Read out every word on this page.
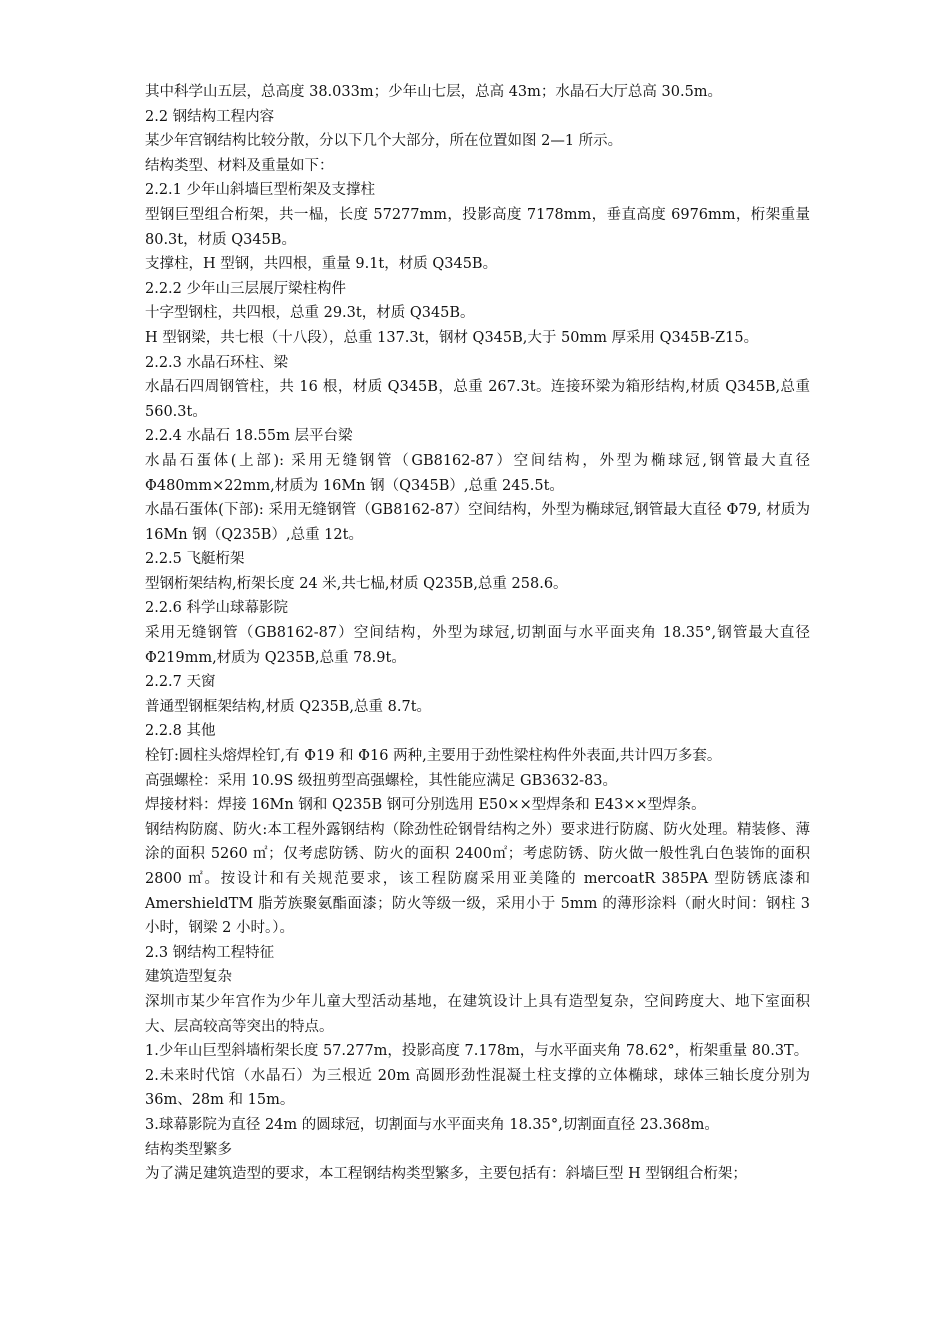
其中科学山五层，总高度 38.033m；少年山七层，总高 43m；水晶石大厅总高 30.5m。

2.2 钢结构工程内容

某少年宫钢结构比较分散，分以下几个大部分，所在位置如图 2—1 所示。

结构类型、材料及重量如下：

2.2.1 少年山斜墙巨型桁架及支撑柱

型钢巨型组合桁架，共一榀，长度 57277mm，投影高度 7178mm，垂直高度 6976mm，桁架重量 80.3t，材质 Q345B。

支撑柱，H 型钢，共四根，重量 9.1t，材质 Q345B。

2.2.2 少年山三层展厅梁柱构件

十字型钢柱，共四根，总重 29.3t，材质 Q345B。

H 型钢梁，共七根（十八段），总重 137.3t，钢材 Q345B,大于 50mm 厚采用 Q345B-Z15。

2.2.3 水晶石环柱、梁

水晶石四周钢管柱，共 16 根，材质 Q345B，总重 267.3t。连接环梁为箱形结构,材质 Q345B,总重 560.3t。

2.2.4 水晶石 18.55m 层平台梁

水晶石蛋体(上部): 采用无缝钢管（GB8162-87）空间结构，外型为椭球冠,钢管最大直径 Φ480mm×22mm,材质为 16Mn 钢（Q345B）,总重 245.5t。

水晶石蛋体(下部): 采用无缝钢管（GB8162-87）空间结构，外型为椭球冠,钢管最大直径 Φ79, 材质为 16Mn 钢（Q235B）,总重 12t。

2.2.5 飞艇桁架

型钢桁架结构,桁架长度 24 米,共七榀,材质 Q235B,总重 258.6。

2.2.6 科学山球幕影院

采用无缝钢管（GB8162-87）空间结构，外型为球冠,切割面与水平面夹角 18.35°,钢管最大直径 Φ219mm,材质为 Q235B,总重 78.9t。

2.2.7 天窗

普通型钢框架结构,材质 Q235B,总重 8.7t。

2.2.8 其他

栓钉:圆柱头熔焊栓钉,有 Φ19 和 Φ16 两种,主要用于劲性梁柱构件外表面,共计四万多套。

高强螺栓：采用 10.9S 级扭剪型高强螺栓，其性能应满足 GB3632-83。

焊接材料：焊接 16Mn 钢和 Q235B 钢可分别选用 E50××型焊条和 E43××型焊条。

钢结构防腐、防火:本工程外露钢结构（除劲性砼钢骨结构之外）要求进行防腐、防火处理。精装修、薄涂的面积 5260 ㎡；仅考虑防锈、防火的面积 2400㎡；考虑防锈、防火做一般性乳白色装饰的面积 2800 ㎡。按设计和有关规范要求，该工程防腐采用亚美隆的 mercoatR 385PA 型防锈底漆和 AmershieldTM 脂芳族聚氨酯面漆；防火等级一级，采用小于 5mm 的薄形涂料（耐火时间：钢柱 3 小时，钢梁 2 小时。）。

2.3 钢结构工程特征

建筑造型复杂

深圳市某少年宫作为少年儿童大型活动基地，在建筑设计上具有造型复杂，空间跨度大、地下室面积大、层高较高等突出的特点。

1.少年山巨型斜墙桁架长度 57.277m，投影高度 7.178m，与水平面夹角 78.62°，桁架重量 80.3T。

2.未来时代馆（水晶石）为三根近 20m 高圆形劲性混凝土柱支撑的立体椭球，球体三轴长度分别为 36m、28m 和 15m。

3.球幕影院为直径 24m 的圆球冠，切割面与水平面夹角 18.35°,切割面直径 23.368m。

结构类型繁多

为了满足建筑造型的要求，本工程钢结构类型繁多，主要包括有：斜墙巨型 H 型钢组合桁架；
